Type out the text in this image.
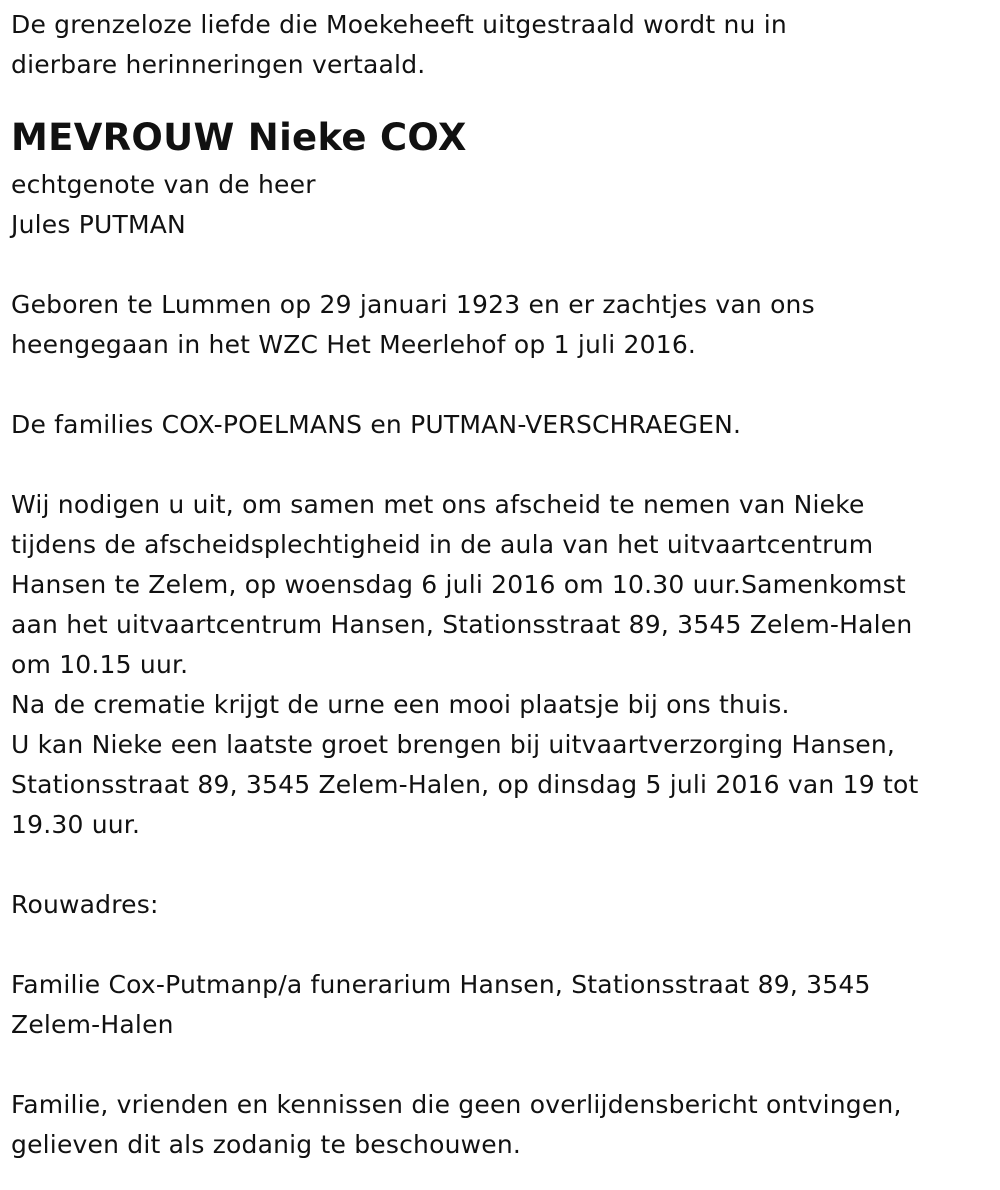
De grenzeloze liefde die Moekeheeft uitgestraald wordt nu in
dierbare herinneringen vertaald.

MEVROUW Nieke COX

echtgenote van de heer
Jules PUTMAN

Geboren te Lummen op 29 januari 1923 en er zachtjes van ons
heengegaan in het WZC Het Meerlehof op 1 juli 2016.

De families COX-POELMANS en PUTMAN-VERSCHRAEGEN.

Wij nodigen u uit, om samen met ons afscheid te nemen van Nieke
tijdens de afscheidsplechtigheid in de aula van het uitvaartcentrum
Hansen te Zelem, op woensdag 6 juli 2016 om 10.30 uur.Samenkomst
aan het uitvaartcentrum Hansen, Stationsstraat 89, 3545 Zelem-Halen
om 10.15 uur.
Na de crematie krijgt de urne een mooi plaatsje bij ons thuis.
U kan Nieke een laatste groet brengen bij uitvaartverzorging Hansen,
Stationsstraat 89, 3545 Zelem-Halen, op dinsdag 5 juli 2016 van 19 tot
19.30 uur.

Rouwadres:

Familie Cox-Putmanp/a funerarium Hansen, Stationsstraat 89, 3545
Zelem-Halen

Familie, vrienden en kennissen die geen overlijdensbericht ontvingen,
gelieven dit als zodanig te beschouwen.
